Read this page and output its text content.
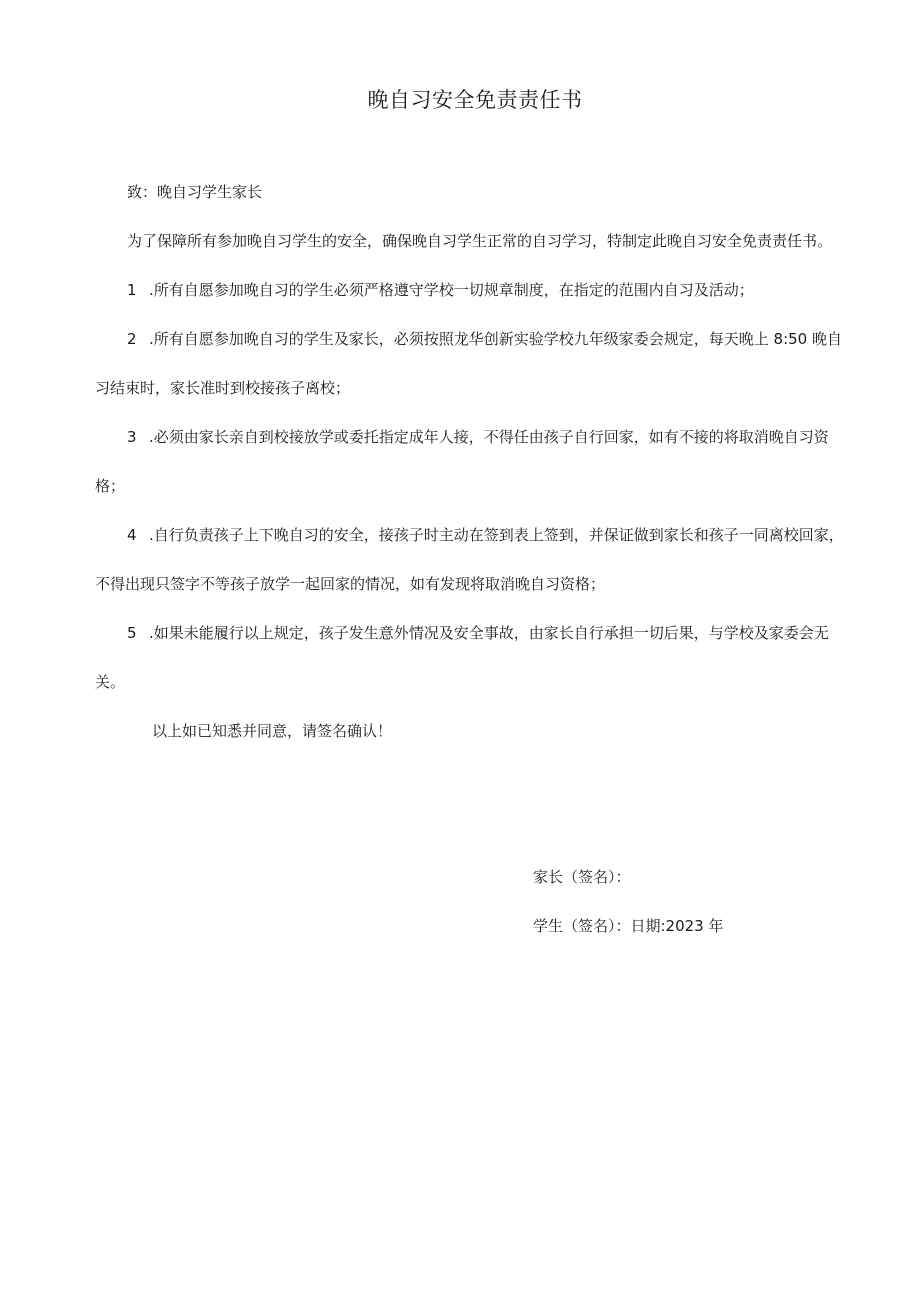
晚自习安全免责责任书
致：晚自习学生家长
为了保障所有参加晚自习学生的安全，确保晚自习学生正常的自习学习，特制定此晚自习安全免责责任书。
1 .所有自愿参加晚自习的学生必须严格遵守学校一切规章制度，在指定的范围内自习及活动；
2 .所有自愿参加晚自习的学生及家长，必须按照龙华创新实验学校九年级家委会规定，每天晚上 8:50 晚自
习结束时，家长准时到校接孩子离校；
3 .必须由家长亲自到校接放学或委托指定成年人接，不得任由孩子自行回家，如有不接的将取消晚自习资
格；
4 .自行负责孩子上下晚自习的安全，接孩子时主动在签到表上签到，并保证做到家长和孩子一同离校回家，
不得出现只签字不等孩子放学一起回家的情况，如有发现将取消晚自习资格；
5 .如果未能履行以上规定，孩子发生意外情况及安全事故，由家长自行承担一切后果，与学校及家委会无
关。
以上如已知悉并同意，请签名确认！
家长（签名）：
学生（签名）：日期:2023 年
